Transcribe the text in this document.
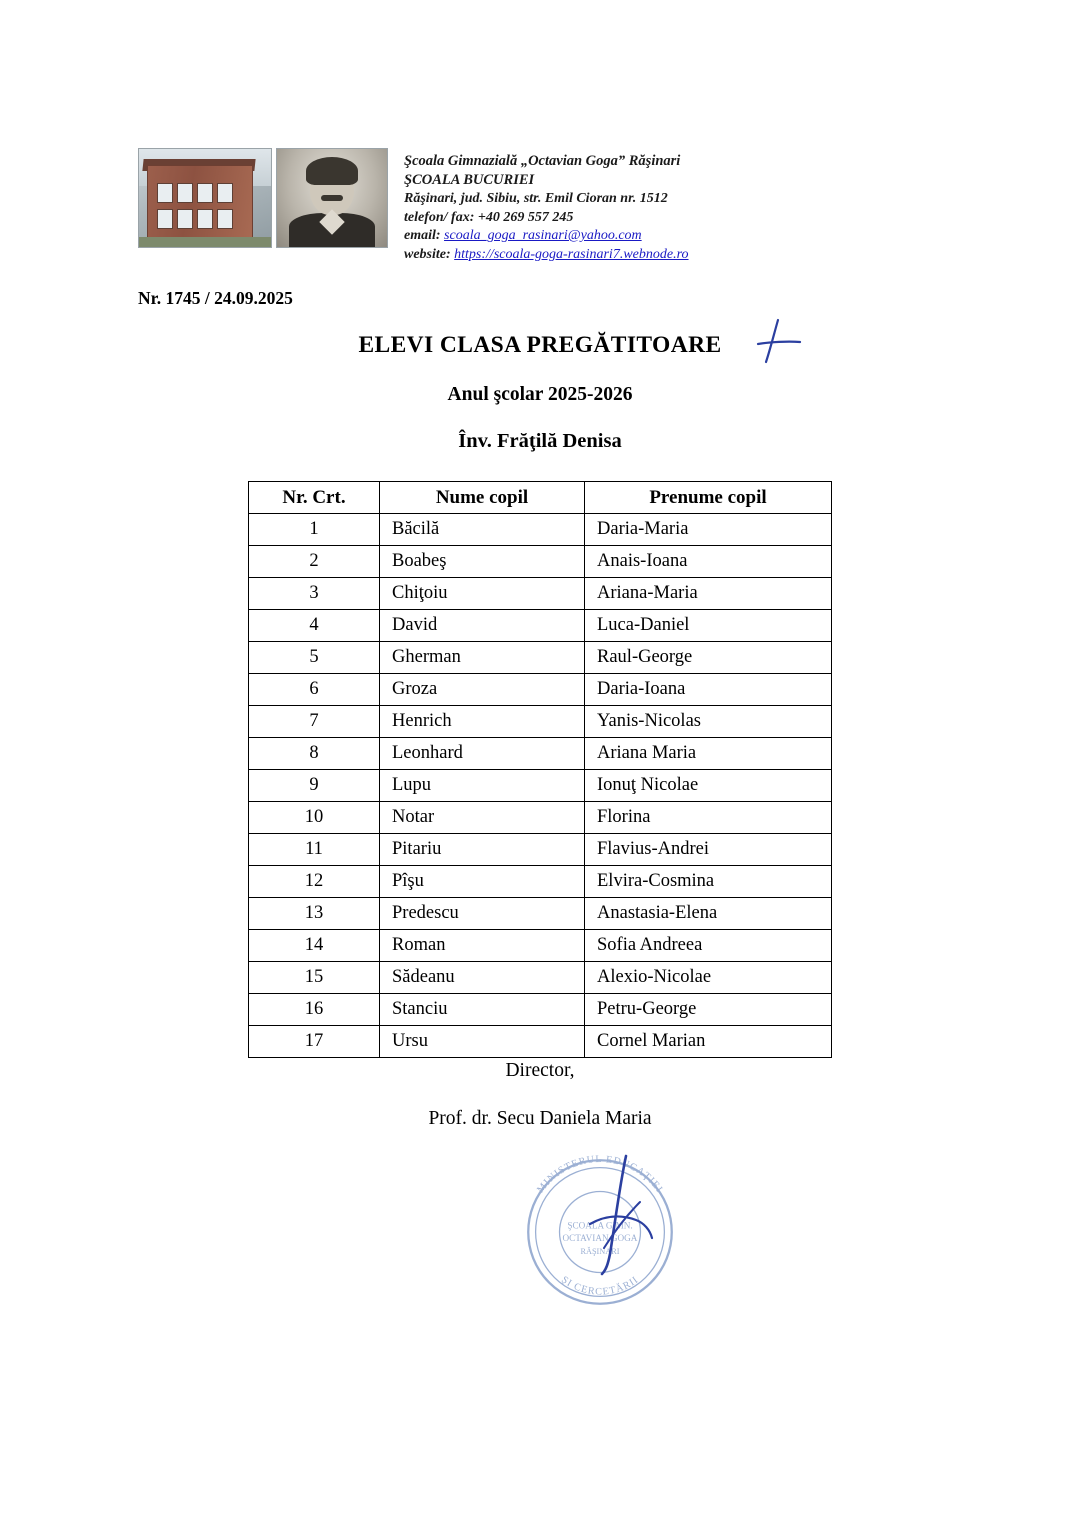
Şcoala Gimnazială „Octavian Goga” Răşinari
ŞCOALA BUCURIEI
Răşinari, jud. Sibiu, str. Emil Cioran nr. 1512
telefon/ fax: +40 269 557 245
email: scoala_goga_rasinari@yahoo.com
website: https://scoala-goga-rasinari7.webnode.ro
Nr. 1745 / 24.09.2025
ELEVI CLASA PREGĂTITOARE
Anul şcolar 2025-2026
Înv. Frăţilă Denisa
Nr. Crt.	Nume copil	Prenume copil
1	Băcilă	Daria-Maria
2	Boabeş	Anais-Ioana
3	Chiţoiu	Ariana-Maria
4	David	Luca-Daniel
5	Gherman	Raul-George
6	Groza	Daria-Ioana
7	Henrich	Yanis-Nicolas
8	Leonhard	Ariana Maria
9	Lupu	Ionuţ Nicolae
10	Notar	Florina
11	Pitariu	Flavius-Andrei
12	Pîşu	Elvira-Cosmina
13	Predescu	Anastasia-Elena
14	Roman	Sofia Andreea
15	Sădeanu	Alexio-Nicolae
16	Stanciu	Petru-George
17	Ursu	Cornel Marian
Director,
Prof. dr. Secu Daniela Maria
MINISTERUL EDUCAŢIEI
ŞI CERCETĂRII
ŞCOALA GIMN.
OCTAVIAN GOGA
RĂŞINARI
